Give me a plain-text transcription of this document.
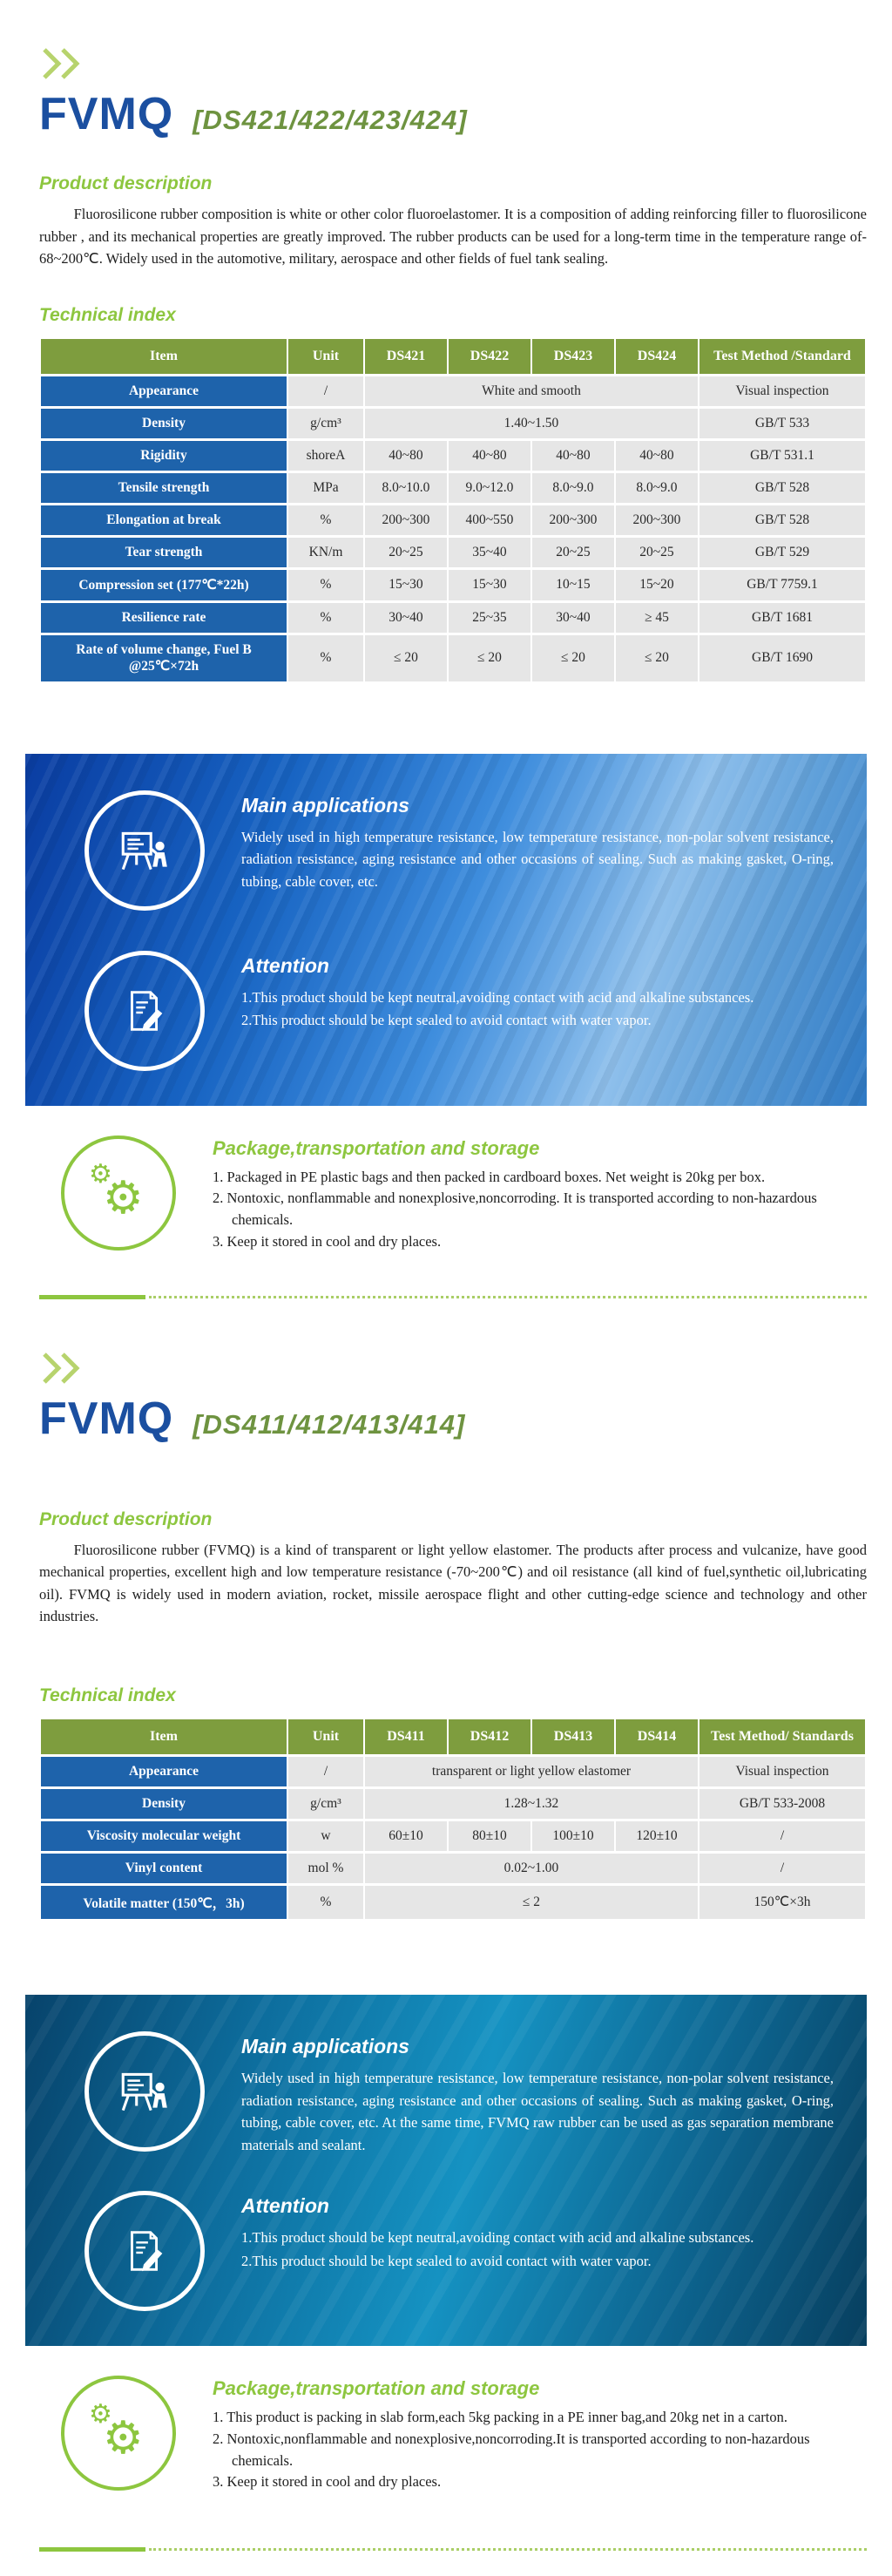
FVMQ [DS421/422/423/424]
Product description

Fluorosilicone rubber composition is white or other color fluoroelastomer. It is a composition of adding reinforcing filler to fluorosilicone rubber , and its mechanical properties are greatly improved. The rubber products can be used for a long-term time in the temperature range of-68~200℃. Widely used in the automotive, military, aerospace and other fields of fuel tank sealing.

Technical index
Item	Unit	DS421	DS422	DS423	DS424	Test Method /Standard
Appearance	/	White and smooth				Visual inspection
Density	g/cm³	1.40~1.50				GB/T 533
Rigidity	shoreA	40~80	40~80	40~80	40~80	GB/T 531.1
Tensile strength	MPa	8.0~10.0	9.0~12.0	8.0~9.0	8.0~9.0	GB/T 528
Elongation at break	%	200~300	400~550	200~300	200~300	GB/T 528
Tear strength	KN/m	20~25	35~40	20~25	20~25	GB/T 529
Compression set (177℃*22h)	%	15~30	15~30	10~15	15~20	GB/T 7759.1
Resilience rate	%	30~40	25~35	30~40	≥ 45	GB/T 1681
Rate of volume change, Fuel B @25℃×72h	%	≤ 20	≤ 20	≤ 20	≤ 20	GB/T 1690
Main applications

Widely used in high temperature resistance, low temperature resistance, non-polar solvent resistance, radiation resistance, aging resistance and other occasions of sealing. Such as making gasket, O-ring, tubing, cable cover, etc.

Attention
1.This product should be kept neutral,avoiding contact with acid and alkaline substances.
2.This product should be kept sealed to avoid contact with water vapor.
⚙
⚙
Package,transportation and storage
1. Packaged in PE plastic bags and then packed in cardboard boxes. Net weight is 20kg per box.
2. Nontoxic, nonflammable and nonexplosive,noncorroding. It is transported according to non-hazardous chemicals.
3. Keep it stored in cool and dry places.
FVMQ [DS411/412/413/414]
Product description

Fluorosilicone rubber (FVMQ) is a kind of transparent or light yellow elastomer. The products after process and vulcanize, have good mechanical properties, excellent high and low temperature resistance (-70~200℃) and oil resistance (all kind of fuel,synthetic oil,lubricating oil). FVMQ is widely used in modern aviation, rocket, missile aerospace flight and other cutting-edge science and technology and other industries.

Technical index
Item	Unit	DS411	DS412	DS413	DS414	Test Method/ Standards
Appearance	/	transparent or light yellow elastomer				Visual inspection
Density	g/cm³	1.28~1.32				GB/T 533-2008
Viscosity molecular weight	w	60±10	80±10	100±10	120±10	/
Vinyl content	mol %	0.02~1.00				/
Volatile matter (150℃，3h)	%	≤ 2				150℃×3h
Main applications

Widely used in high temperature resistance, low temperature resistance, non-polar solvent resistance, radiation resistance, aging resistance and other occasions of sealing. Such as making gasket, O-ring, tubing, cable cover, etc. At the same time, FVMQ raw rubber can be used as gas separation membrane materials and sealant.

Attention
1.This product should be kept neutral,avoiding contact with acid and alkaline substances.
2.This product should be kept sealed to avoid contact with water vapor.
⚙
⚙
Package,transportation and storage
1. This product is packing in slab form,each 5kg packing in a PE inner bag,and 20kg net in a carton.
2. Nontoxic,nonflammable and nonexplosive,noncorroding.It is transported according to non-hazardous chemicals.
3. Keep it stored in cool and dry places.
